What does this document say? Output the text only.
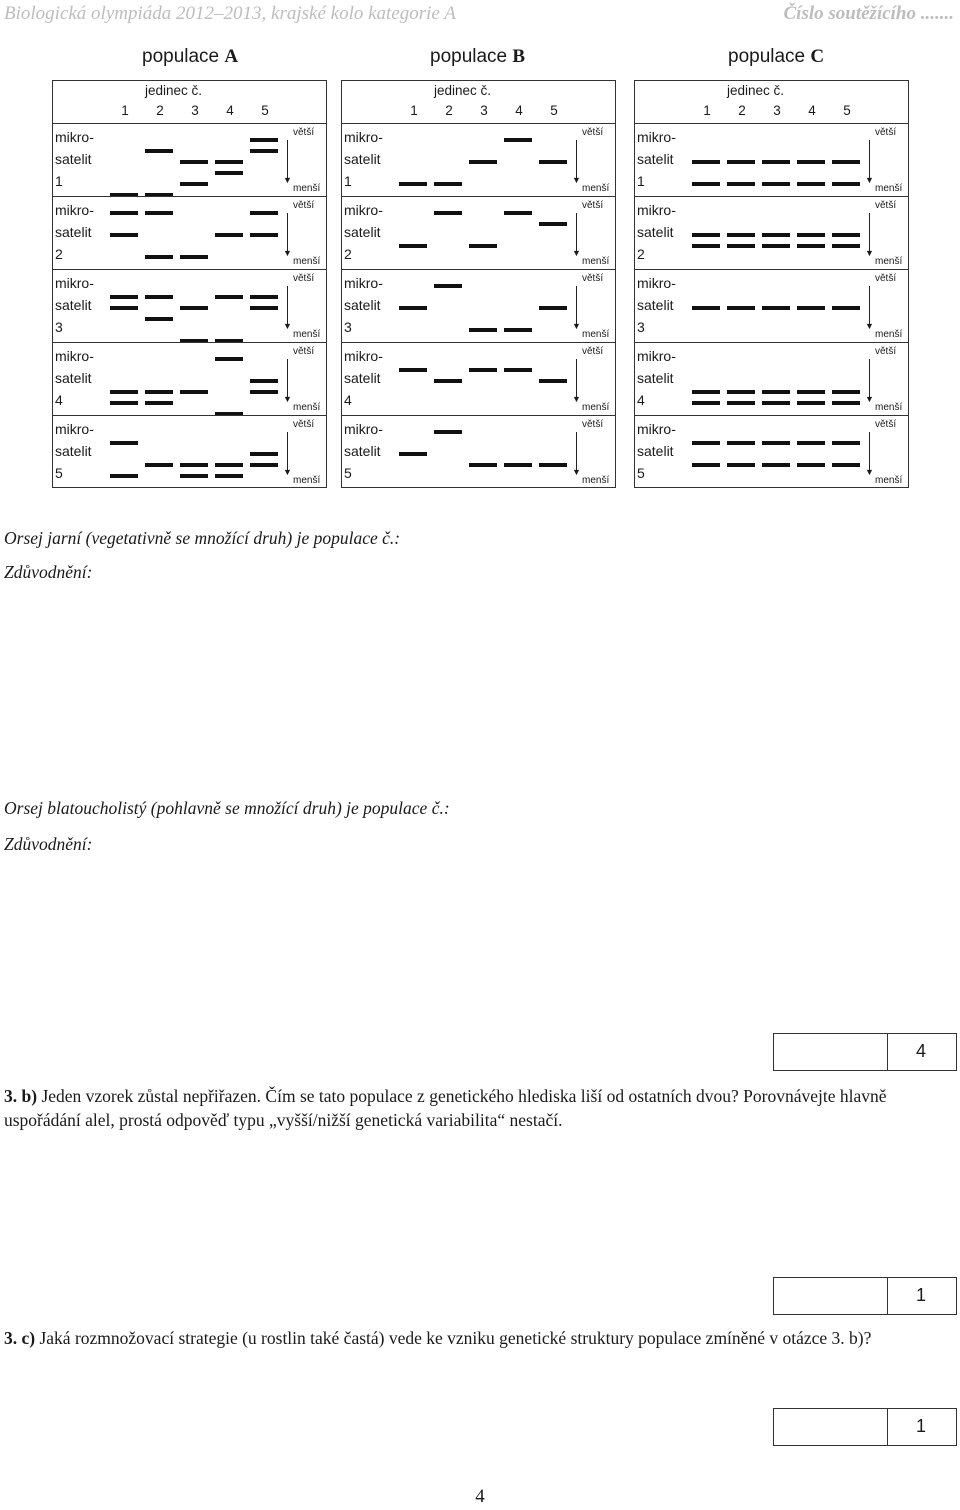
Biologická olympiáda 2012–2013, krajské kolo kategorie A	Číslo soutěžícího .......
populace A
jedinec č.
1 2 3 4 5
mikro-
satelit
1
větší
▼
menší
mikro-
satelit
2
větší
▼
menší
mikro-
satelit
3
větší
▼
menší
mikro-
satelit
4
větší
▼
menší
mikro-
satelit
5
větší
▼
menší
populace B
jedinec č.
1 2 3 4 5
mikro-
satelit
1
větší
▼
menší
mikro-
satelit
2
větší
▼
menší
mikro-
satelit
3
větší
▼
menší
mikro-
satelit
4
větší
▼
menší
mikro-
satelit
5
větší
▼
menší
populace C
jedinec č.
1 2 3 4 5
mikro-
satelit
1
větší
▼
menší
mikro-
satelit
2
větší
▼
menší
mikro-
satelit
3
větší
▼
menší
mikro-
satelit
4
větší
▼
menší
mikro-
satelit
5
větší
▼
menší
Orsej jarní (vegetativně se množící druh) je populace č.:
Zdůvodnění:
Orsej blatoucholistý (pohlavně se množící druh) je populace č.:
Zdůvodnění:
4
3. b) Jeden vzorek zůstal nepřiřazen. Čím se tato populace z genetického hlediska liší od ostatních dvou? Porovnávejte hlavně uspořádání alel, prostá odpověď typu „vyšší/nižší genetická variabilita“ nestačí.
1
3. c) Jaká rozmnožovací strategie (u rostlin také častá) vede ke vzniku genetické struktury populace zmíněné v otázce 3. b)?
1
4
